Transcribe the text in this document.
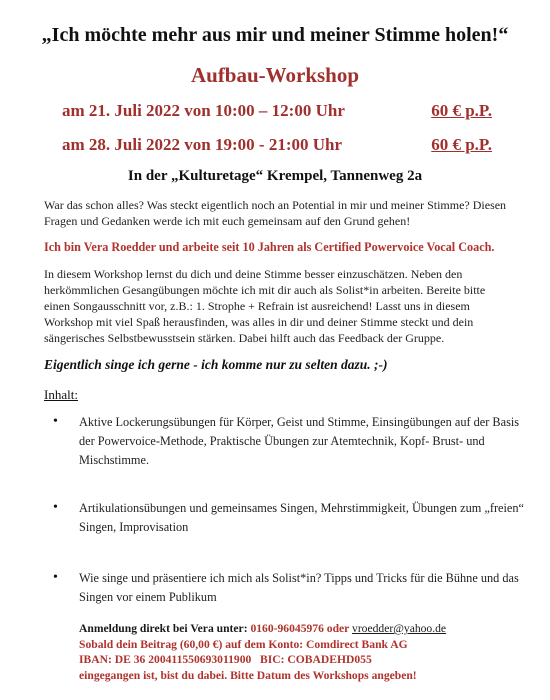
„Ich möchte mehr aus mir und meiner Stimme holen!“
Aufbau-Workshop
am 21. Juli 2022 von 10:00 – 12:00 Uhr	60 € p.P.
am 28. Juli 2022 von 19:00 - 21:00 Uhr	60 € p.P.
In der „Kulturetage“ Krempel, Tannenweg 2a
War das schon alles? Was steckt eigentlich noch an Potential in mir und meiner Stimme? Diesen Fragen und Gedanken werde ich mit euch gemeinsam auf den Grund gehen!
Ich bin Vera Roedder und arbeite seit 10 Jahren als Certified Powervoice Vocal Coach.
In diesem Workshop lernst du dich und deine Stimme besser einzuschätzen. Neben den herkömmlichen Gesangübungen möchte ich mit dir auch als Solist*in arbeiten. Bereite bitte einen Songausschnitt vor, z.B.: 1. Strophe + Refrain ist ausreichend! Lasst uns in diesem Workshop mit viel Spaß herausfinden, was alles in dir und deiner Stimme steckt und dein sängerisches Selbstbewusstsein stärken. Dabei hilft auch das Feedback der Gruppe.
Eigentlich singe ich gerne - ich komme nur zu selten dazu. ;-)
Inhalt:
• Aktive Lockerungsübungen für Körper, Geist und Stimme, Einsingübungen auf der Basis der Powervoice-Methode, Praktische Übungen zur Atemtechnik, Kopf- Brust- und Mischstimme.
• Artikulationsübungen und gemeinsames Singen, Mehrstimmigkeit, Übungen zum „freien“ Singen, Improvisation
• Wie singe und präsentiere ich mich als Solist*in? Tipps und Tricks für die Bühne und das Singen vor einem Publikum
Anmeldung direkt bei Vera unter: 0160-96045976 oder vroedder@yahoo.de
Sobald dein Beitrag (60,00 €) auf dem Konto: Comdirect Bank AG
IBAN: DE 36 200411550693011900   BIC: COBADEHD055
eingegangen ist, bist du dabei. Bitte Datum des Workshops angeben!
